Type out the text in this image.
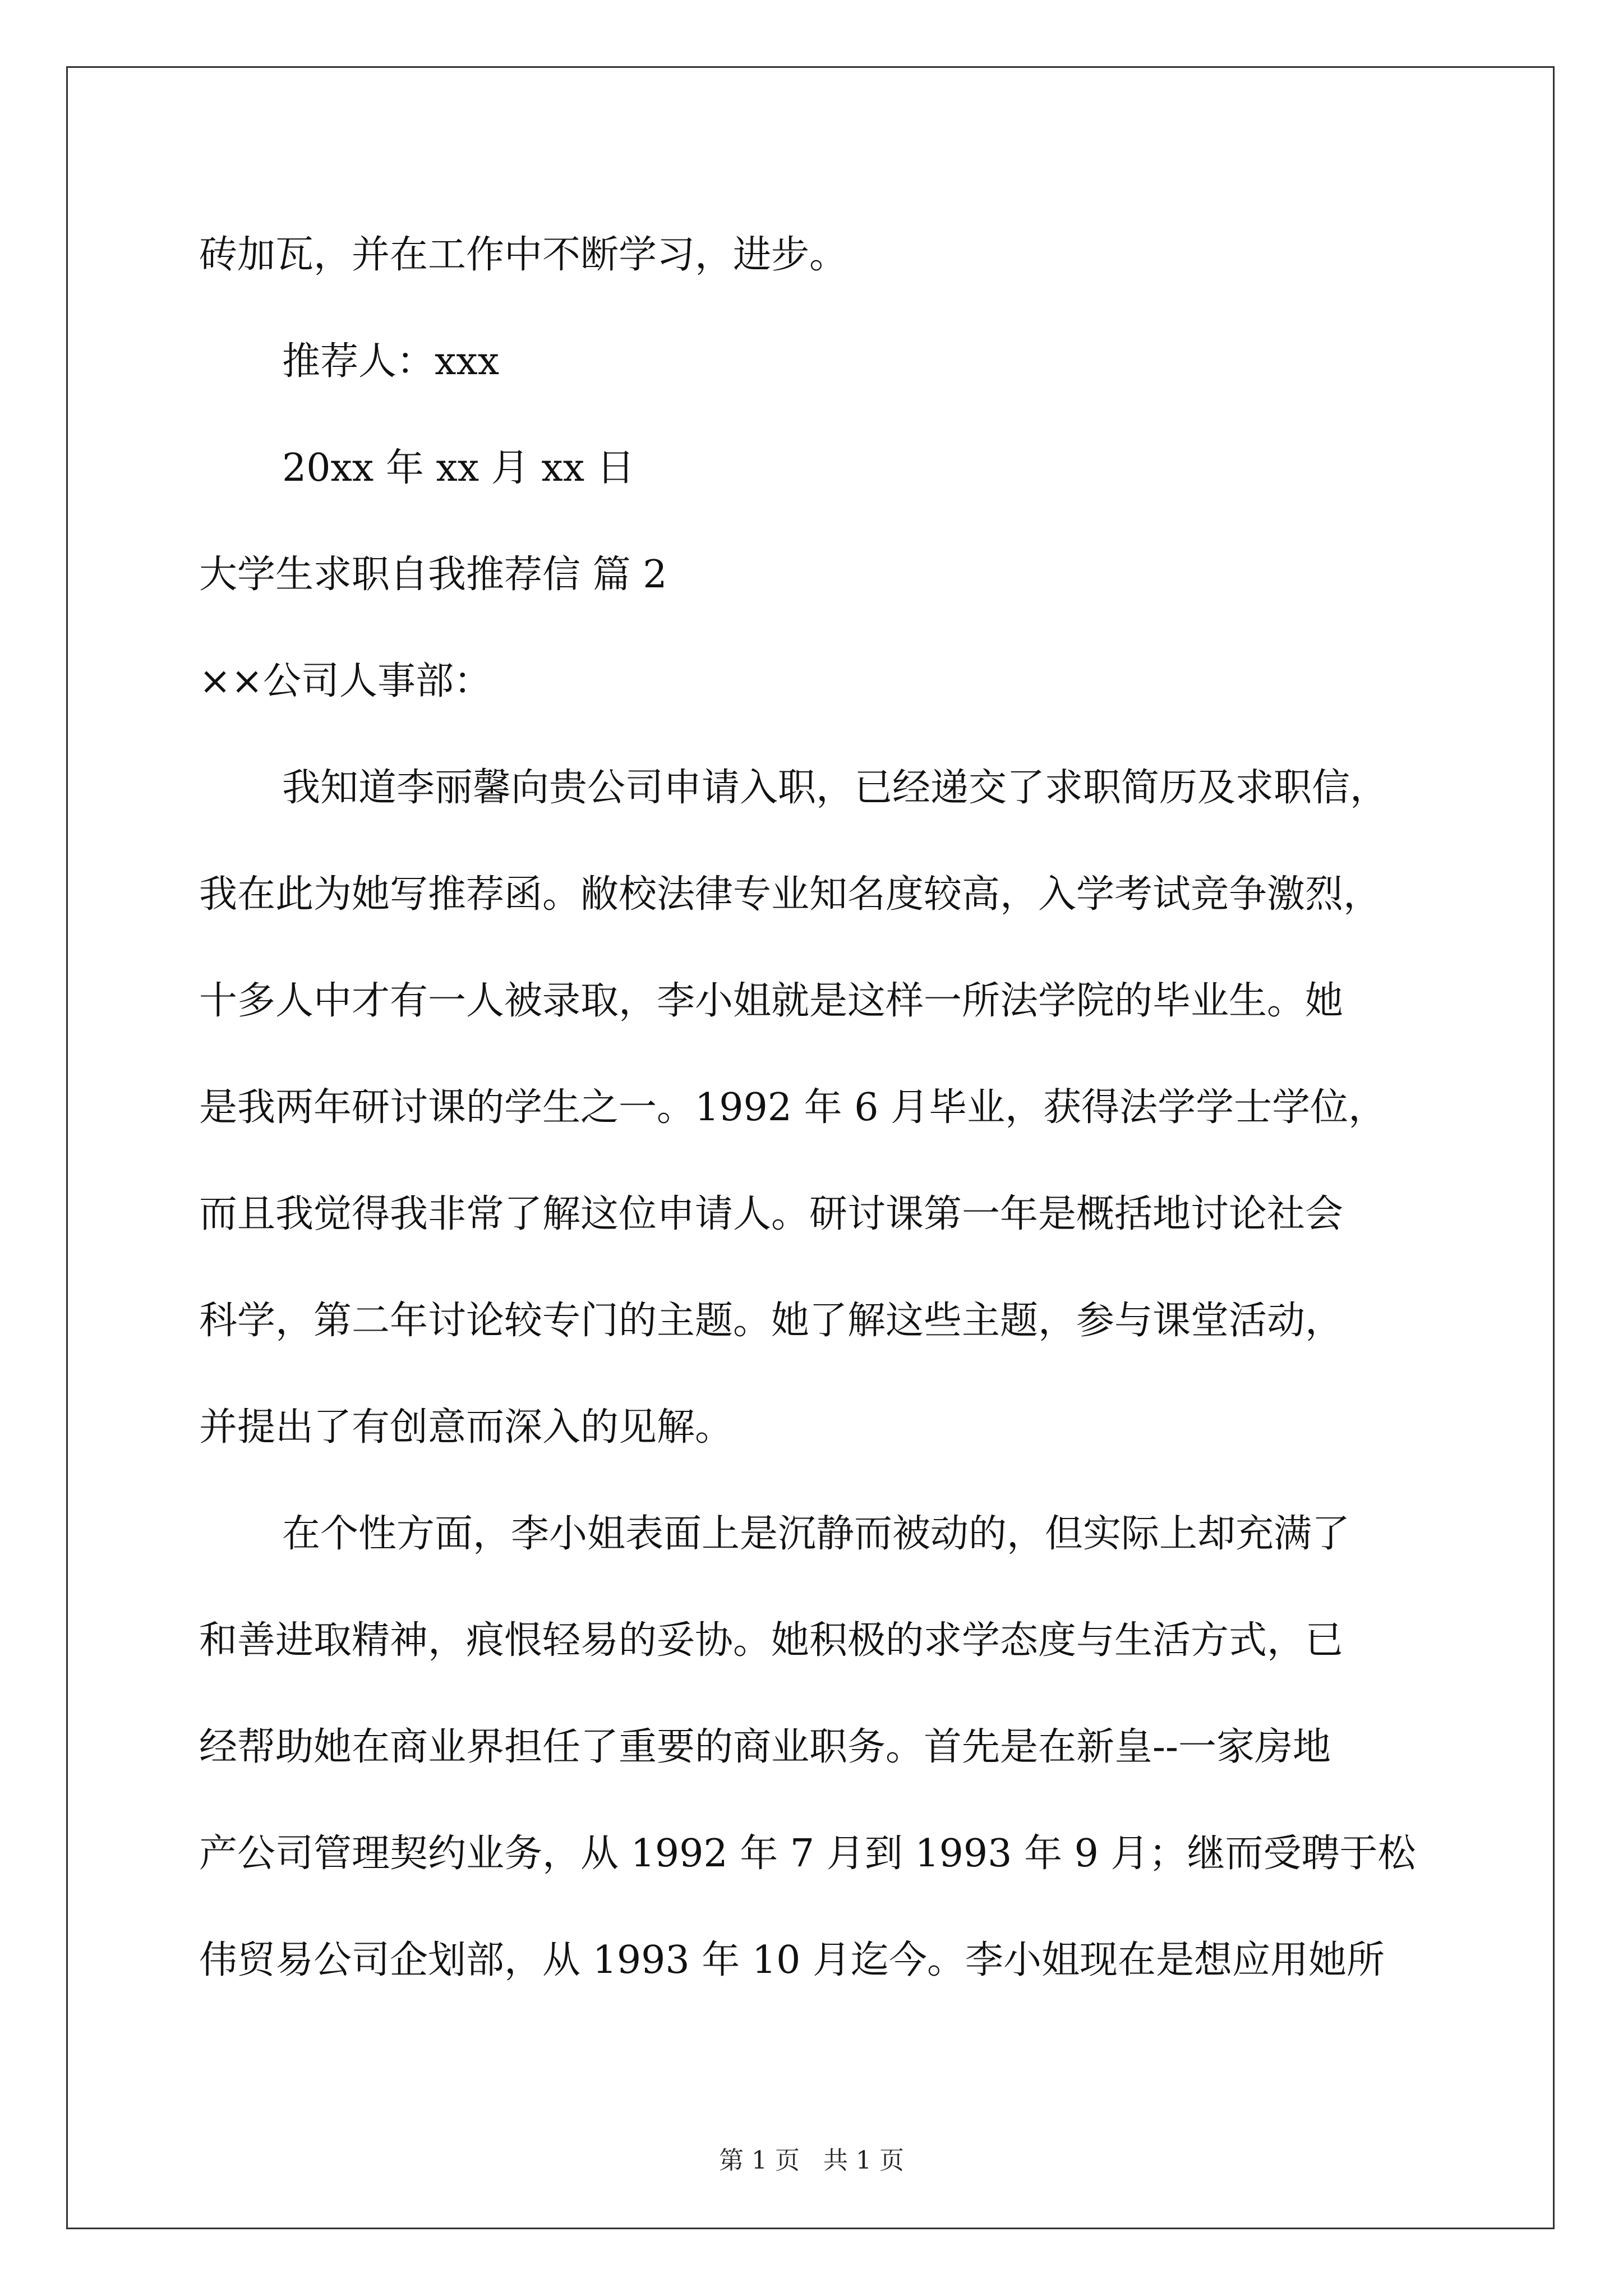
砖加瓦，并在工作中不断学习，进步。

推荐人：xxx

20xx 年 xx 月 xx 日

大学生求职自我推荐信 篇 2

××公司人事部：

我知道李丽馨向贵公司申请入职，已经递交了求职简历及求职信，

我在此为她写推荐函。敝校法律专业知名度较高，入学考试竞争激烈，

十多人中才有一人被录取，李小姐就是这样一所法学院的毕业生。她

是我两年研讨课的学生之一。1992 年 6 月毕业，获得法学学士学位，

而且我觉得我非常了解这位申请人。研讨课第一年是概括地讨论社会

科学，第二年讨论较专门的主题。她了解这些主题，参与课堂活动，

并提出了有创意而深入的见解。

在个性方面，李小姐表面上是沉静而被动的，但实际上却充满了

和善进取精神，痕恨轻易的妥协。她积极的求学态度与生活方式，已

经帮助她在商业界担任了重要的商业职务。首先是在新皇--一家房地

产公司管理契约业务，从 1992 年 7 月到 1993 年 9 月；继而受聘于松

伟贸易公司企划部，从 1993 年 10 月迄今。李小姐现在是想应用她所

第 1 页   共 1 页
